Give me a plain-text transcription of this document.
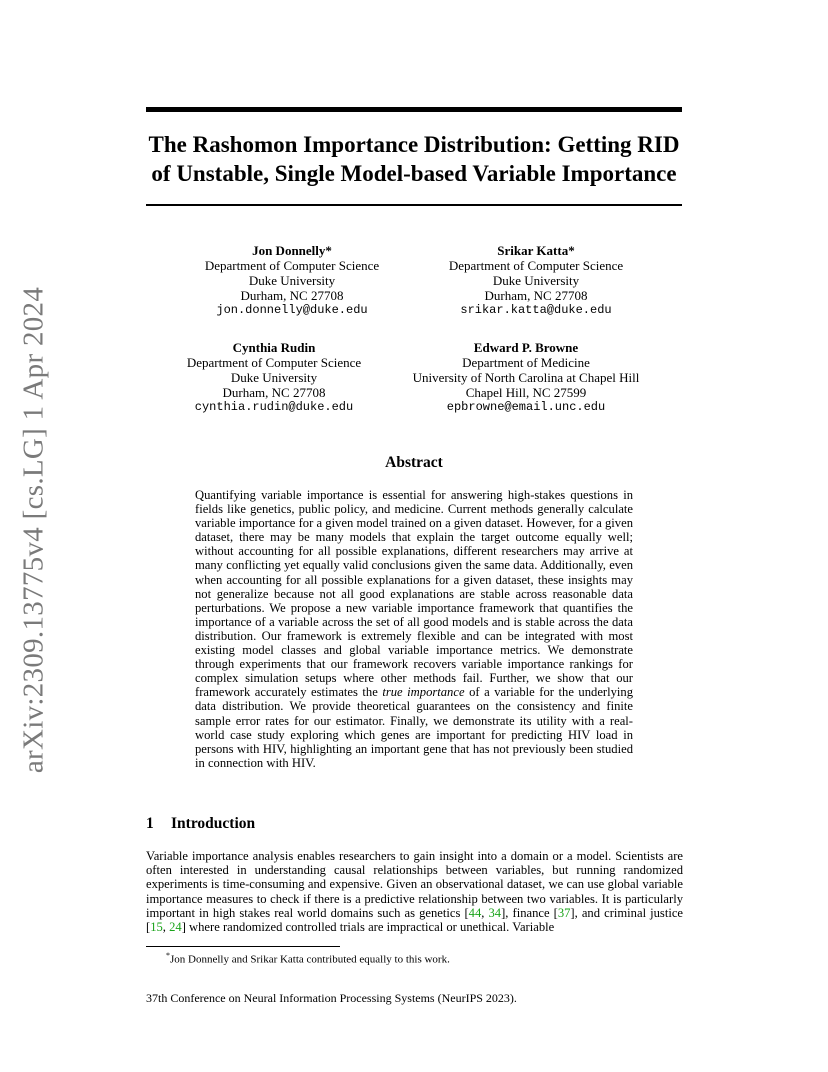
arXiv:2309.13775v4 [cs.LG] 1 Apr 2024
The Rashomon Importance Distribution: Getting RID
of Unstable, Single Model-based Variable Importance
Jon Donnelly*
Department of Computer Science
Duke University
Durham, NC 27708
jon.donnelly@duke.edu
Srikar Katta*
Department of Computer Science
Duke University
Durham, NC 27708
srikar.katta@duke.edu
Cynthia Rudin
Department of Computer Science
Duke University
Durham, NC 27708
cynthia.rudin@duke.edu
Edward P. Browne
Department of Medicine
University of North Carolina at Chapel Hill
Chapel Hill, NC 27599
epbrowne@email.unc.edu
Abstract
Quantifying variable importance is essential for answering high-stakes questions in fields like genetics, public policy, and medicine. Current methods generally calculate variable importance for a given model trained on a given dataset. However, for a given dataset, there may be many models that explain the target outcome equally well; without accounting for all possible explanations, different researchers may arrive at many conflicting yet equally valid conclusions given the same data. Additionally, even when accounting for all possible explanations for a given dataset, these insights may not generalize because not all good explanations are stable across reasonable data perturbations. We propose a new variable importance framework that quantifies the importance of a variable across the set of all good models and is stable across the data distribution. Our framework is extremely flexible and can be integrated with most existing model classes and global variable importance metrics. We demonstrate through experiments that our framework recovers variable importance rankings for complex simulation setups where other methods fail. Further, we show that our framework accurately estimates the true importance of a variable for the underlying data distribution. We provide theoretical guarantees on the consistency and finite sample error rates for our estimator. Finally, we demonstrate its utility with a real-world case study exploring which genes are important for predicting HIV load in persons with HIV, highlighting an important gene that has not previously been studied in connection with HIV.
1 Introduction
Variable importance analysis enables researchers to gain insight into a domain or a model. Scientists are often interested in understanding causal relationships between variables, but running randomized experiments is time-consuming and expensive. Given an observational dataset, we can use global variable importance measures to check if there is a predictive relationship between two variables. It is particularly important in high stakes real world domains such as genetics [44, 34], finance [37], and criminal justice [15, 24] where randomized controlled trials are impractical or unethical. Variable
*Jon Donnelly and Srikar Katta contributed equally to this work.
37th Conference on Neural Information Processing Systems (NeurIPS 2023).
